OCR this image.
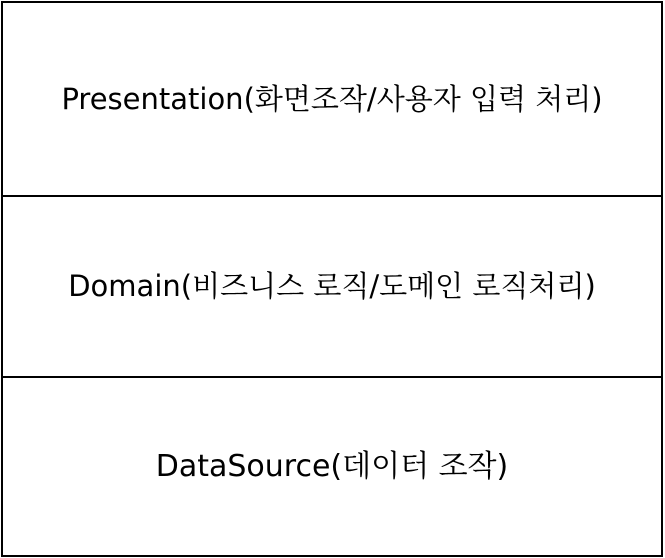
Presentation(화면조작/사용자 입력 처리)
Domain(비즈니스 로직/도메인 로직처리)
DataSource(데이터 조작)
